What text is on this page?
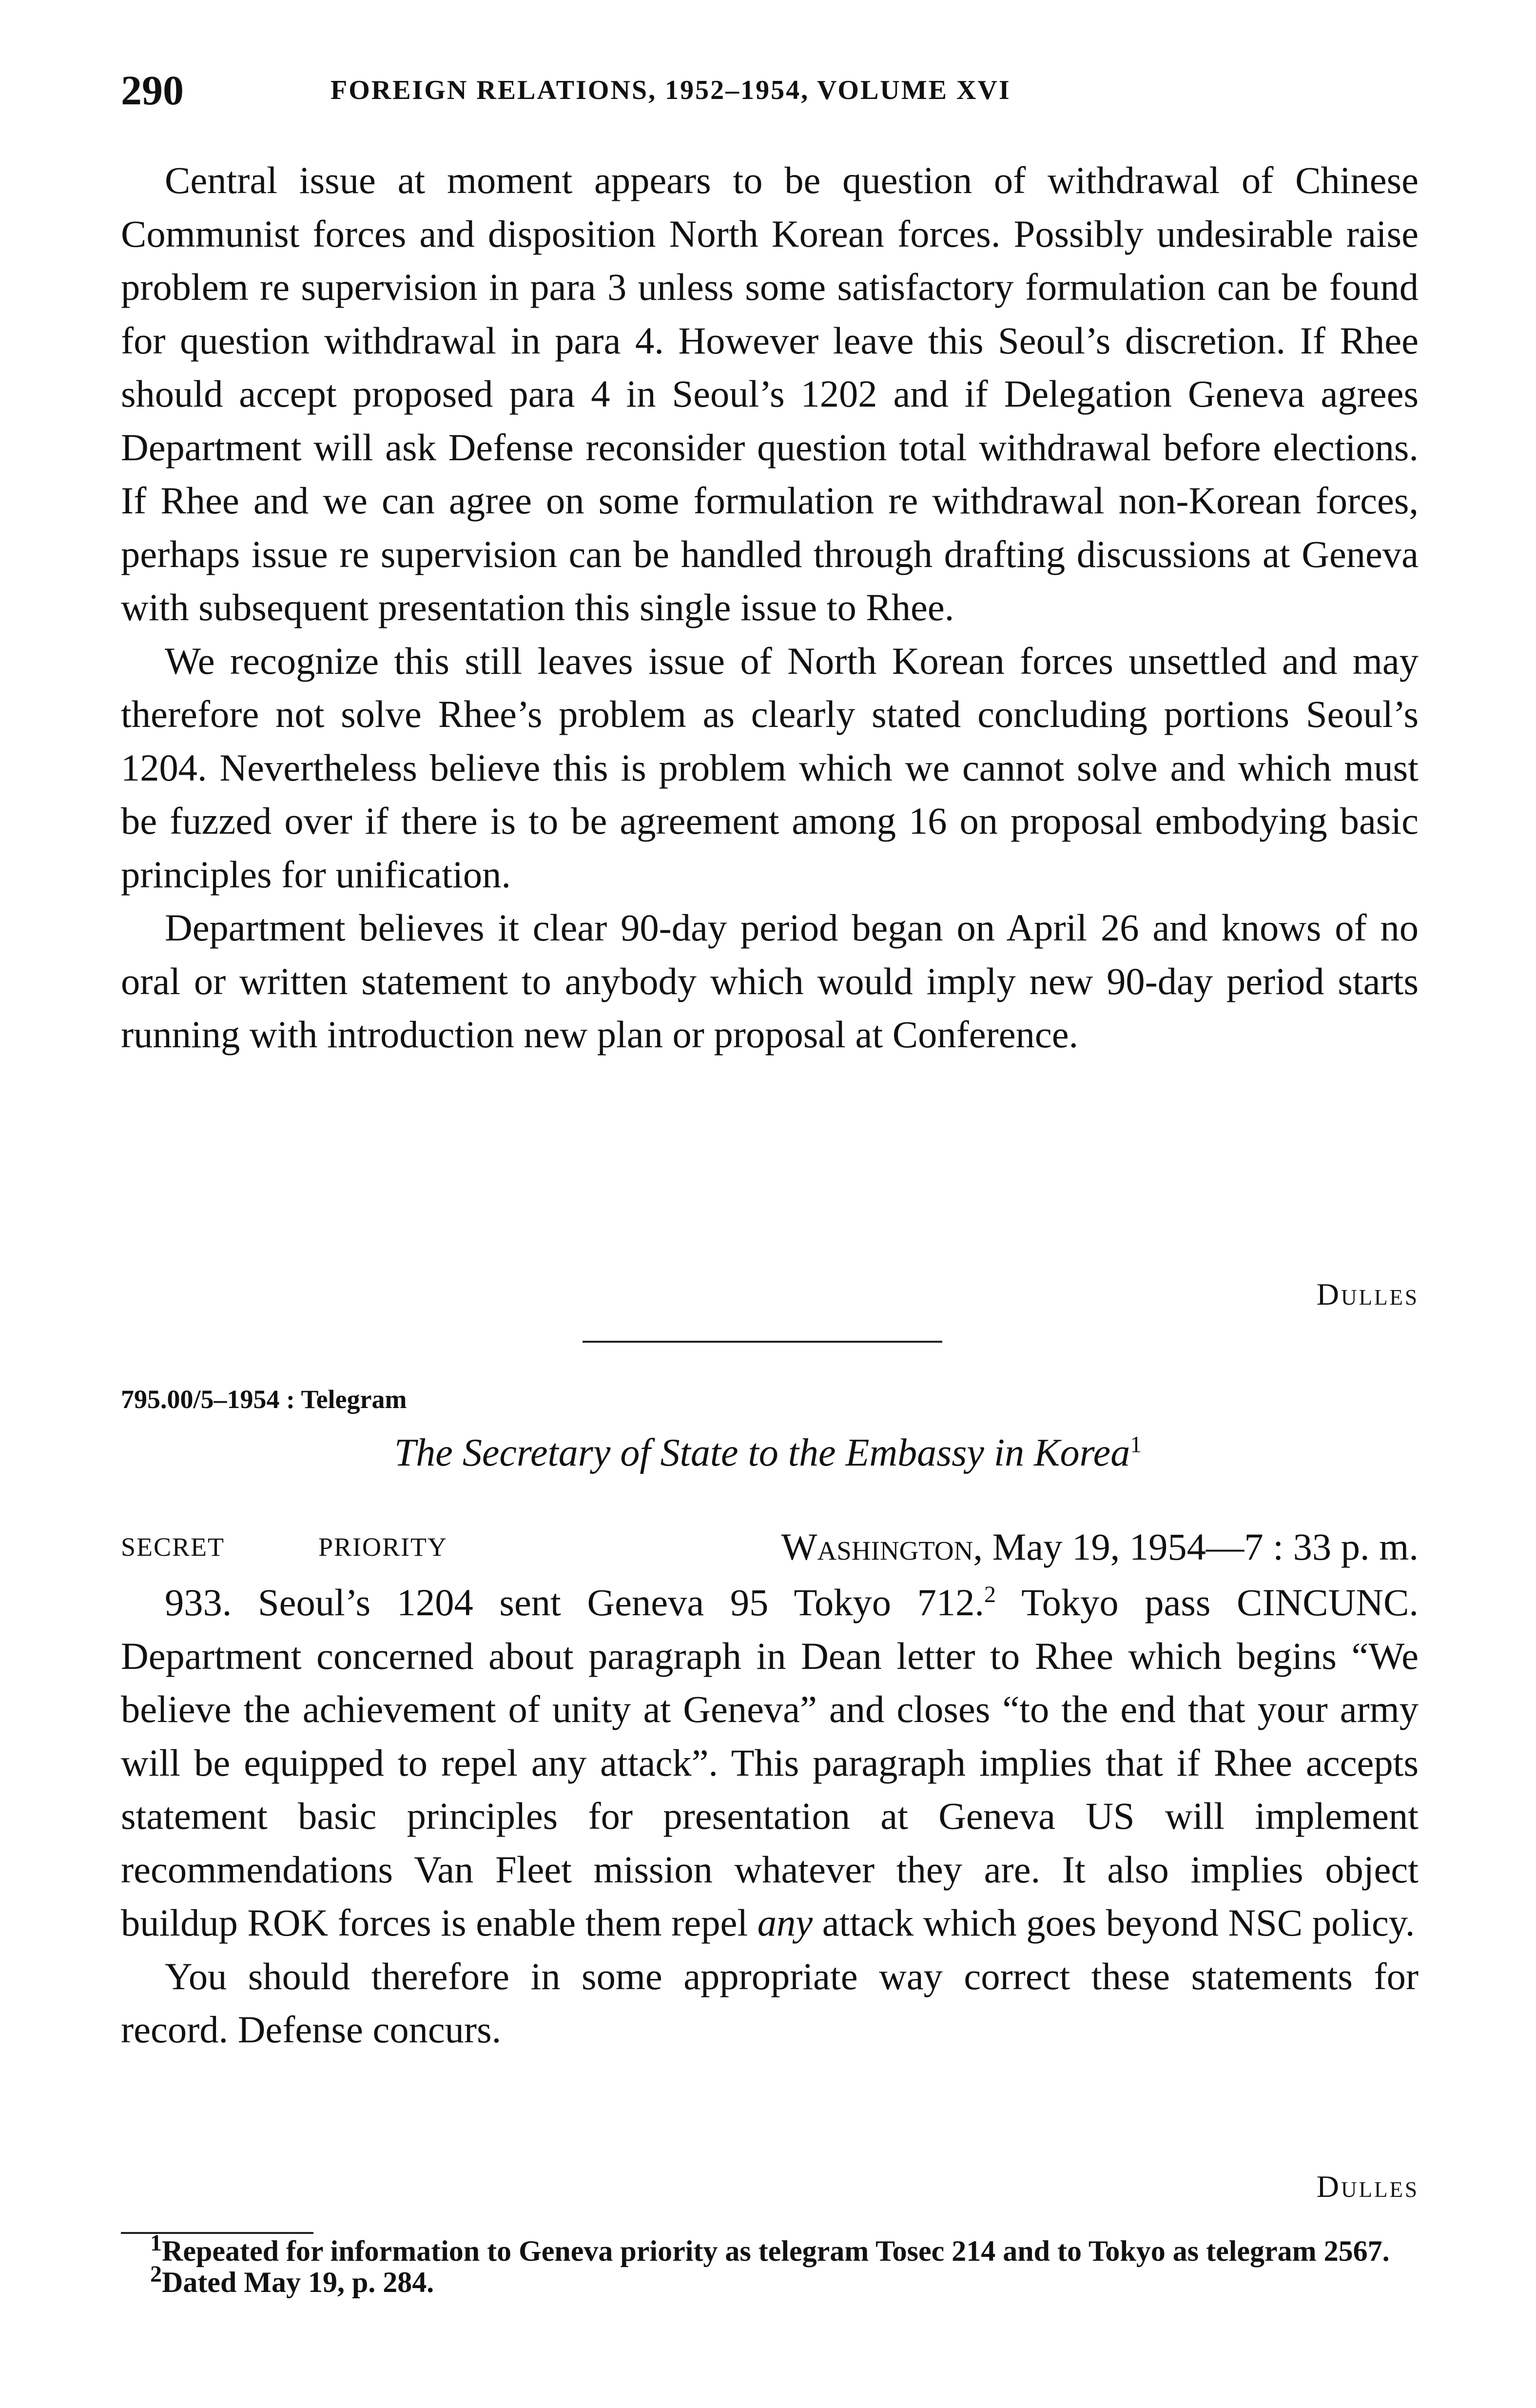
290	FOREIGN RELATIONS, 1952–1954, VOLUME XVI

Central issue at moment appears to be question of withdrawal of Chinese Communist forces and disposition North Korean forces. Possibly undesirable raise problem re supervision in para 3 unless some satisfactory formulation can be found for question withdrawal in para 4. However leave this Seoul’s discretion. If Rhee should accept proposed para 4 in Seoul’s 1202 and if Delegation Geneva agrees Department will ask Defense reconsider question total withdrawal before elections. If Rhee and we can agree on some formulation re withdrawal non-Korean forces, perhaps issue re supervision can be handled through drafting discussions at Geneva with subsequent presentation this single issue to Rhee.

We recognize this still leaves issue of North Korean forces unsettled and may therefore not solve Rhee’s problem as clearly stated concluding portions Seoul’s 1204. Nevertheless believe this is problem which we cannot solve and which must be fuzzed over if there is to be agreement among 16 on proposal embodying basic principles for unification.

Department believes it clear 90-day period began on April 26 and knows of no oral or written statement to anybody which would imply new 90-day period starts running with introduction new plan or proposal at Conference.

Dulles
795.00/5–1954 : Telegram
The Secretary of State to the Embassy in Korea$^1$
SECRET	PRIORITY	Washington, May 19, 1954—7 : 33 p. m.

933. Seoul’s 1204 sent Geneva 95 Tokyo 712.$^2$ Tokyo pass CINCUNC. Department concerned about paragraph in Dean letter to Rhee which begins “We believe the achievement of unity at Geneva” and closes “to the end that your army will be equipped to repel any attack”. This paragraph implies that if Rhee accepts statement basic principles for presentation at Geneva US will implement recommendations Van Fleet mission whatever they are. It also implies object buildup ROK forces is enable them repel any attack which goes beyond NSC policy.

You should therefore in some appropriate way correct these statements for record. Defense concurs.

Dulles

$^1$Repeated for information to Geneva priority as telegram Tosec 214 and to Tokyo as telegram 2567.

$^2$Dated May 19, p. 284.
